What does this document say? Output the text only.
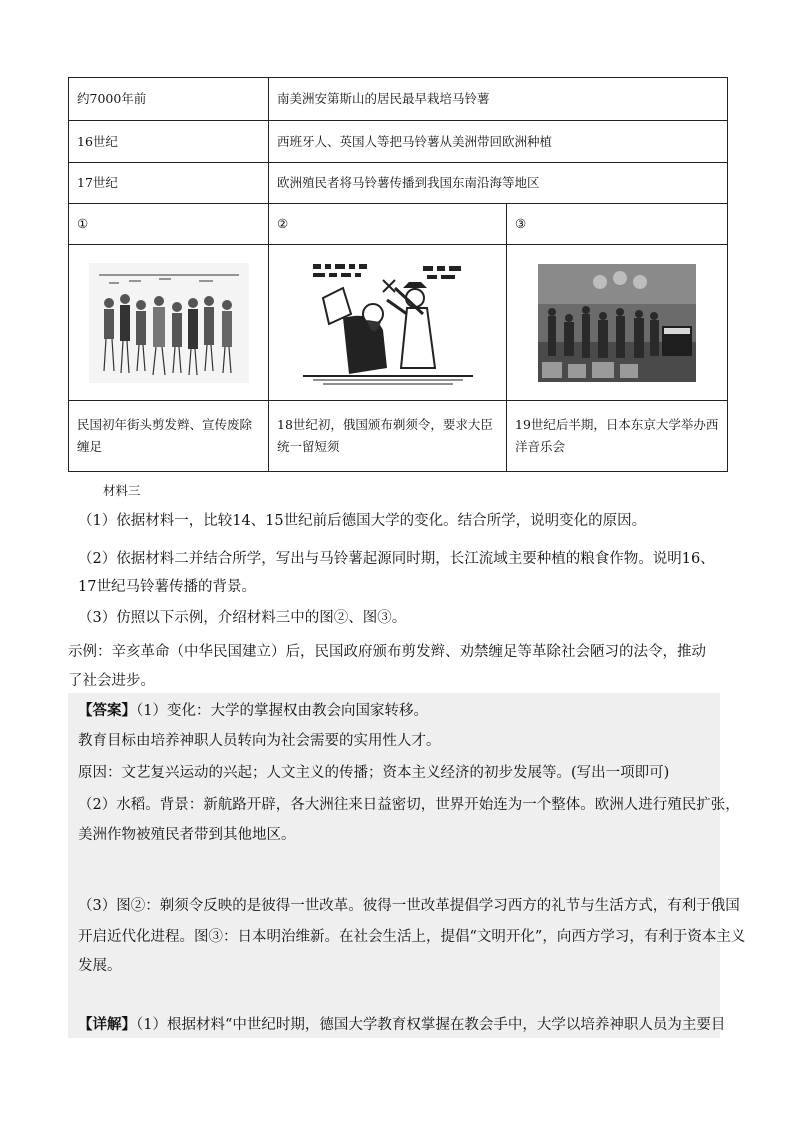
约7000年前	南美洲安第斯山的居民最早栽培马铃薯	
16世纪	西班牙人、英国人等把马铃薯从美洲带回欧洲种植	
17世纪	欧洲殖民者将马铃薯传播到我国东南沿海等地区	
①	②	③

民国初年街头剪发辫、宣传废除缠足	18世纪初，俄国颁布剃须令，要求大臣统一留短须	19世纪后半期，日本东京大学举办西洋音乐会
材料三
（1）依据材料一，比较14、15世纪前后德国大学的变化。结合所学，说明变化的原因。
（2）依据材料二并结合所学，写出与马铃薯起源同时期，长江流域主要种植的粮食作物。说明16、17世纪马铃薯传播的背景。
（3）仿照以下示例，介绍材料三中的图②、图③。
示例：辛亥革命（中华民国建立）后，民国政府颁布剪发辫、劝禁缠足等革除社会陋习的法令，推动了社会进步。
【答案】（1）变化：大学的掌握权由教会向国家转移。
教育目标由培养神职人员转向为社会需要的实用性人才。
原因：文艺复兴运动的兴起；人文主义的传播；资本主义经济的初步发展等。(写出一项即可)
（2）水稻。背景：新航路开辟，各大洲往来日益密切，世界开始连为一个整体。欧洲人进行殖民扩张，
美洲作物被殖民者带到其他地区。
（3）图②：剃须令反映的是彼得一世改革。彼得一世改革提倡学习西方的礼节与生活方式，有利于俄国
开启近代化进程。图③：日本明治维新。在社会生活上，提倡“文明开化”，向西方学习，有利于资本主义
发展。
【详解】（1）根据材料“中世纪时期，德国大学教育权掌握在教会手中，大学以培养神职人员为主要目
